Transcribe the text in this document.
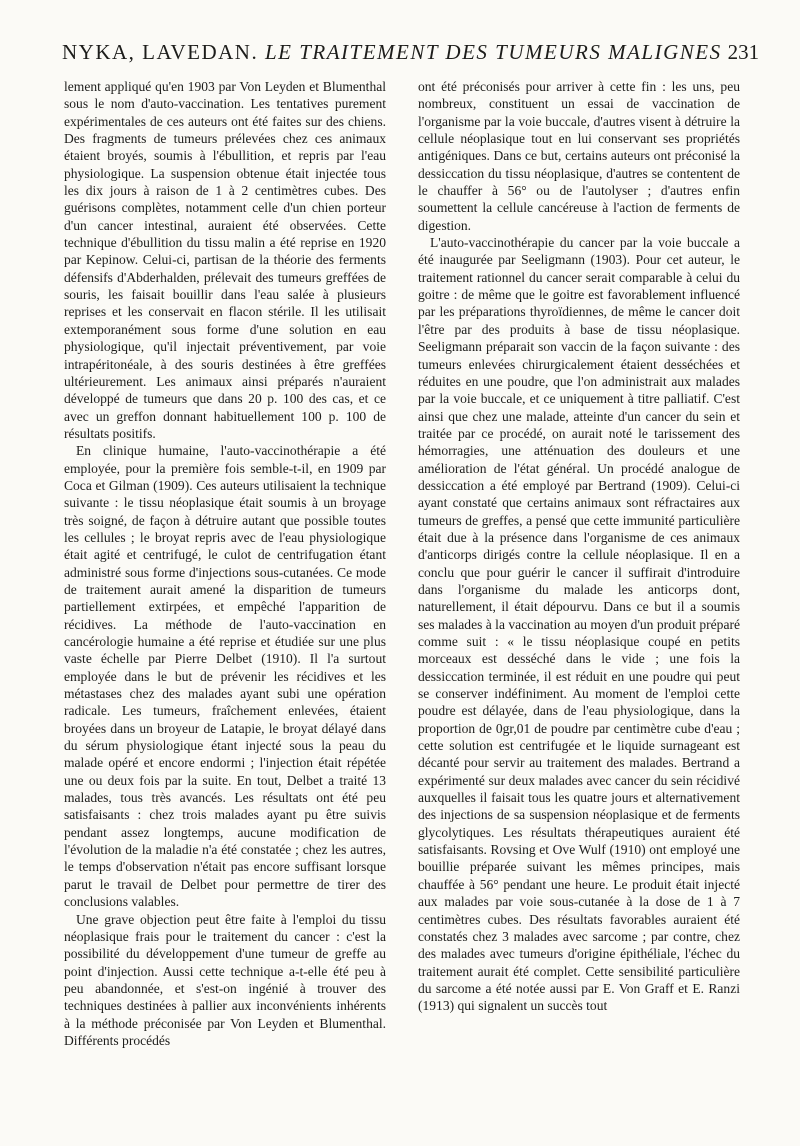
NYKA, LAVEDAN. LE TRAITEMENT DES TUMEURS MALIGNES 231

lement appliqué qu'en 1903 par Von Leyden et Blumenthal sous le nom d'auto-vaccination. Les tentatives purement expérimentales de ces auteurs ont été faites sur des chiens. Des fragments de tumeurs prélevées chez ces animaux étaient broyés, soumis à l'ébullition, et repris par l'eau physiologique. La suspension obtenue était injectée tous les dix jours à raison de 1 à 2 centimètres cubes. Des guérisons complètes, notamment celle d'un chien porteur d'un cancer intestinal, auraient été observées. Cette technique d'ébullition du tissu malin a été reprise en 1920 par Kepinow. Celui-ci, partisan de la théorie des ferments défensifs d'Abderhalden, prélevait des tumeurs greffées de souris, les faisait bouillir dans l'eau salée à plusieurs reprises et les conservait en flacon stérile. Il les utilisait extemporanément sous forme d'une solution en eau physiologique, qu'il injectait préventivement, par voie intrapéritonéale, à des souris destinées à être greffées ultérieurement. Les animaux ainsi préparés n'auraient développé de tumeurs que dans 20 p. 100 des cas, et ce avec un greffon donnant habituellement 100 p. 100 de résultats positifs.

En clinique humaine, l'auto-vaccinothérapie a été employée, pour la première fois semble-t-il, en 1909 par Coca et Gilman (1909). Ces auteurs utilisaient la technique suivante : le tissu néoplasique était soumis à un broyage très soigné, de façon à détruire autant que possible toutes les cellules ; le broyat repris avec de l'eau physiologique était agité et centrifugé, le culot de centrifugation étant administré sous forme d'injections sous-cutanées. Ce mode de traitement aurait amené la disparition de tumeurs partiellement extirpées, et empêché l'apparition de récidives. La méthode de l'auto-vaccination en cancérologie humaine a été reprise et étudiée sur une plus vaste échelle par Pierre Delbet (1910). Il l'a surtout employée dans le but de prévenir les récidives et les métastases chez des malades ayant subi une opération radicale. Les tumeurs, fraîchement enlevées, étaient broyées dans un broyeur de Latapie, le broyat délayé dans du sérum physiologique étant injecté sous la peau du malade opéré et encore endormi ; l'injection était répétée une ou deux fois par la suite. En tout, Delbet a traité 13 malades, tous très avancés. Les résultats ont été peu satisfaisants : chez trois malades ayant pu être suivis pendant assez longtemps, aucune modification de l'évolution de la maladie n'a été constatée ; chez les autres, le temps d'observation n'était pas encore suffisant lorsque parut le travail de Delbet pour permettre de tirer des conclusions valables.

Une grave objection peut être faite à l'emploi du tissu néoplasique frais pour le traitement du cancer : c'est la possibilité du développement d'une tumeur de greffe au point d'injection. Aussi cette technique a-t-elle été peu à peu abandonnée, et s'est-on ingénié à trouver des techniques destinées à pallier aux inconvénients inhérents à la méthode préconisée par Von Leyden et Blumenthal. Différents procédés

ont été préconisés pour arriver à cette fin : les uns, peu nombreux, constituent un essai de vaccination de l'organisme par la voie buccale, d'autres visent à détruire la cellule néoplasique tout en lui conservant ses propriétés antigéniques. Dans ce but, certains auteurs ont préconisé la dessiccation du tissu néoplasique, d'autres se contentent de le chauffer à 56° ou de l'autolyser ; d'autres enfin soumettent la cellule cancéreuse à l'action de ferments de digestion.

L'auto-vaccinothérapie du cancer par la voie buccale a été inaugurée par Seeligmann (1903). Pour cet auteur, le traitement rationnel du cancer serait comparable à celui du goitre : de même que le goitre est favorablement influencé par les préparations thyroïdiennes, de même le cancer doit l'être par des produits à base de tissu néoplasique. Seeligmann préparait son vaccin de la façon suivante : des tumeurs enlevées chirurgicalement étaient desséchées et réduites en une poudre, que l'on administrait aux malades par la voie buccale, et ce uniquement à titre palliatif. C'est ainsi que chez une malade, atteinte d'un cancer du sein et traitée par ce procédé, on aurait noté le tarissement des hémorragies, une atténuation des douleurs et une amélioration de l'état général. Un procédé analogue de dessiccation a été employé par Bertrand (1909). Celui-ci ayant constaté que certains animaux sont réfractaires aux tumeurs de greffes, a pensé que cette immunité particulière était due à la présence dans l'organisme de ces animaux d'anticorps dirigés contre la cellule néoplasique. Il en a conclu que pour guérir le cancer il suffirait d'introduire dans l'organisme du malade les anticorps dont, naturellement, il était dépourvu. Dans ce but il a soumis ses malades à la vaccination au moyen d'un produit préparé comme suit : « le tissu néoplasique coupé en petits morceaux est desséché dans le vide ; une fois la dessiccation terminée, il est réduit en une poudre qui peut se conserver indéfiniment. Au moment de l'emploi cette poudre est délayée, dans de l'eau physiologique, dans la proportion de 0gr,01 de poudre par centimètre cube d'eau ; cette solution est centrifugée et le liquide surnageant est décanté pour servir au traitement des malades. Bertrand a expérimenté sur deux malades avec cancer du sein récidivé auxquelles il faisait tous les quatre jours et alternativement des injections de sa suspension néoplasique et de ferments glycolytiques. Les résultats thérapeutiques auraient été satisfaisants. Rovsing et Ove Wulf (1910) ont employé une bouillie préparée suivant les mêmes principes, mais chauffée à 56° pendant une heure. Le produit était injecté aux malades par voie sous-cutanée à la dose de 1 à 7 centimètres cubes. Des résultats favorables auraient été constatés chez 3 malades avec sarcome ; par contre, chez des malades avec tumeurs d'origine épithéliale, l'échec du traitement aurait été complet. Cette sensibilité particulière du sarcome a été notée aussi par E. Von Graff et E. Ranzi (1913) qui signalent un succès tout
